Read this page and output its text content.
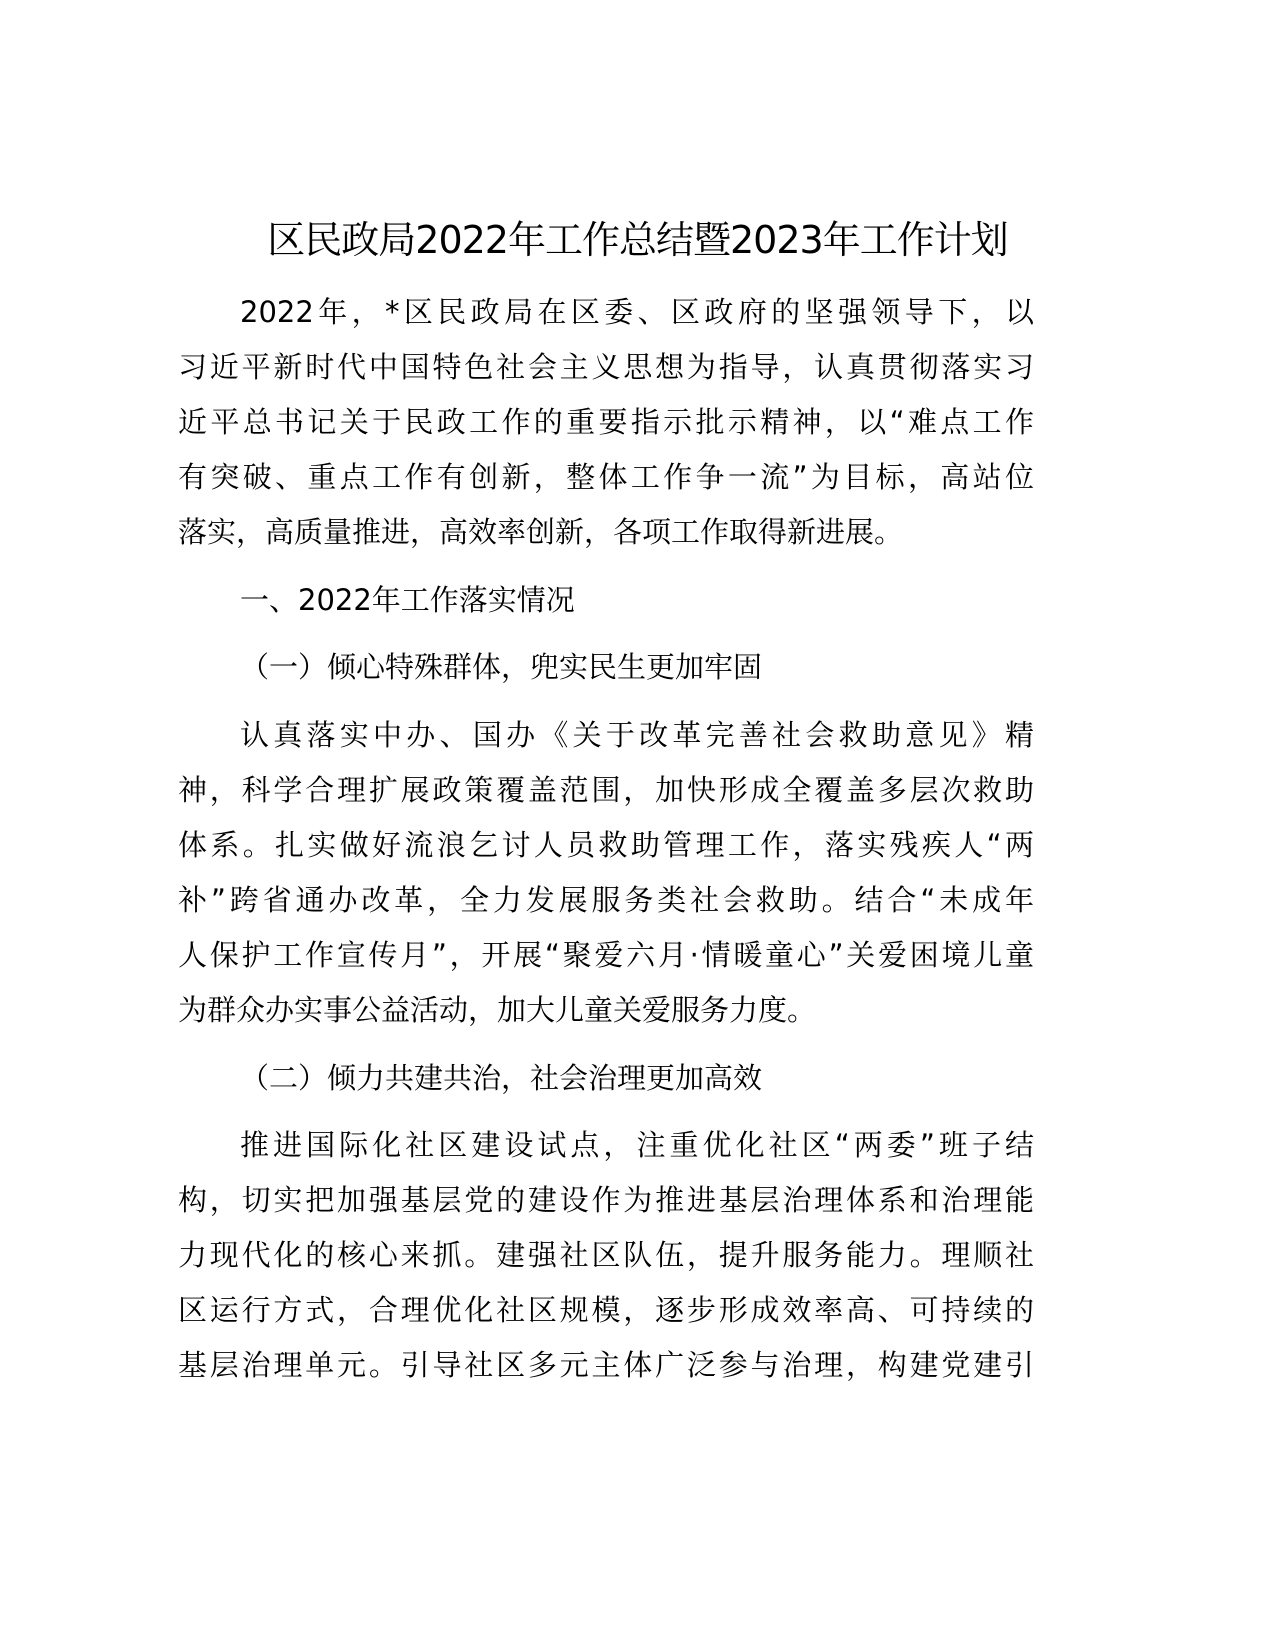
区民政局2022年工作总结暨2023年工作计划
2022年，*区民政局在区委、区政府的坚强领导下，以
习近平新时代中国特色社会主义思想为指导，认真贯彻落实习
近平总书记关于民政工作的重要指示批示精神，以“难点工作
有突破、重点工作有创新，整体工作争一流”为目标，高站位
落实，高质量推进，高效率创新，各项工作取得新进展。
一、2022年工作落实情况
（一）倾心特殊群体，兜实民生更加牢固
认真落实中办、国办《关于改革完善社会救助意见》精
神，科学合理扩展政策覆盖范围，加快形成全覆盖多层次救助
体系。扎实做好流浪乞讨人员救助管理工作，落实残疾人“两
补”跨省通办改革，全力发展服务类社会救助。结合“未成年
人保护工作宣传月”，开展“聚爱六月·情暖童心”关爱困境儿童
为群众办实事公益活动，加大儿童关爱服务力度。
（二）倾力共建共治，社会治理更加高效
推进国际化社区建设试点，注重优化社区“两委”班子结
构，切实把加强基层党的建设作为推进基层治理体系和治理能
力现代化的核心来抓。建强社区队伍，提升服务能力。理顺社
区运行方式，合理优化社区规模，逐步形成效率高、可持续的
基层治理单元。引导社区多元主体广泛参与治理，构建党建引
